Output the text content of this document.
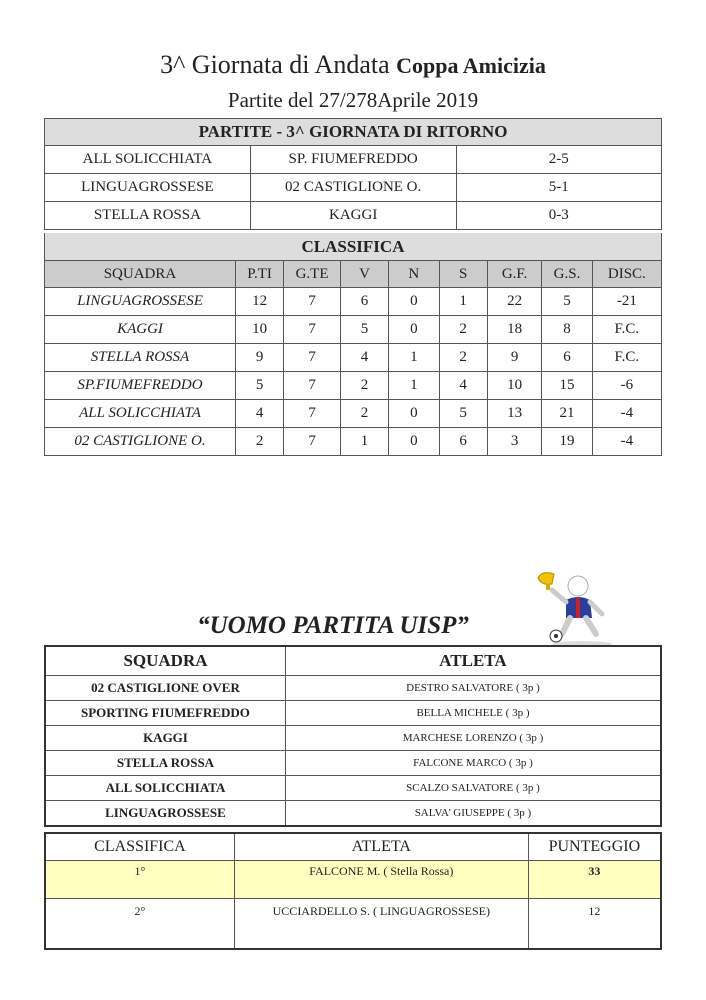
3^ Giornata di Andata Coppa Amicizia
Partite del 27/278Aprile 2019
PARTITE - 3^ GIORNATA DI RITORNO		
ALL SOLICCHIATA	SP. FIUMEFREDDO	2-5
LINGUAGROSSESE	02 CASTIGLIONE O.	5-1
STELLA ROSSA	KAGGI	0-3
CLASSIFICA								
SQUADRA	P.TI	G.TE	V	N	S	G.F.	G.S.	DISC.
LINGUAGROSSESE	12	7	6	0	1	22	5	-21
KAGGI	10	7	5	0	2	18	8	F.C.
STELLA ROSSA	9	7	4	1	2	9	6	F.C.
SP.FIUMEFREDDO	5	7	2	1	4	10	15	-6
ALL SOLICCHIATA	4	7	2	0	5	13	21	-4
02 CASTIGLIONE O.	2	7	1	0	6	3	19	-4
“UOMO PARTITA UISP”
SQUADRA	ATLETA
02 CASTIGLIONE OVER	DESTRO SALVATORE ( 3p )
SPORTING FIUMEFREDDO	BELLA MICHELE ( 3p )
KAGGI	MARCHESE LORENZO ( 3p )
STELLA ROSSA	FALCONE MARCO ( 3p )
ALL SOLICCHIATA	SCALZO SALVATORE ( 3p )
LINGUAGROSSESE	SALVA’ GIUSEPPE ( 3p )
CLASSIFICA	ATLETA	PUNTEGGIO
1°	FALCONE M. ( Stella Rossa)	33
2°	UCCIARDELLO S. ( LINGUAGROSSESE)	12
